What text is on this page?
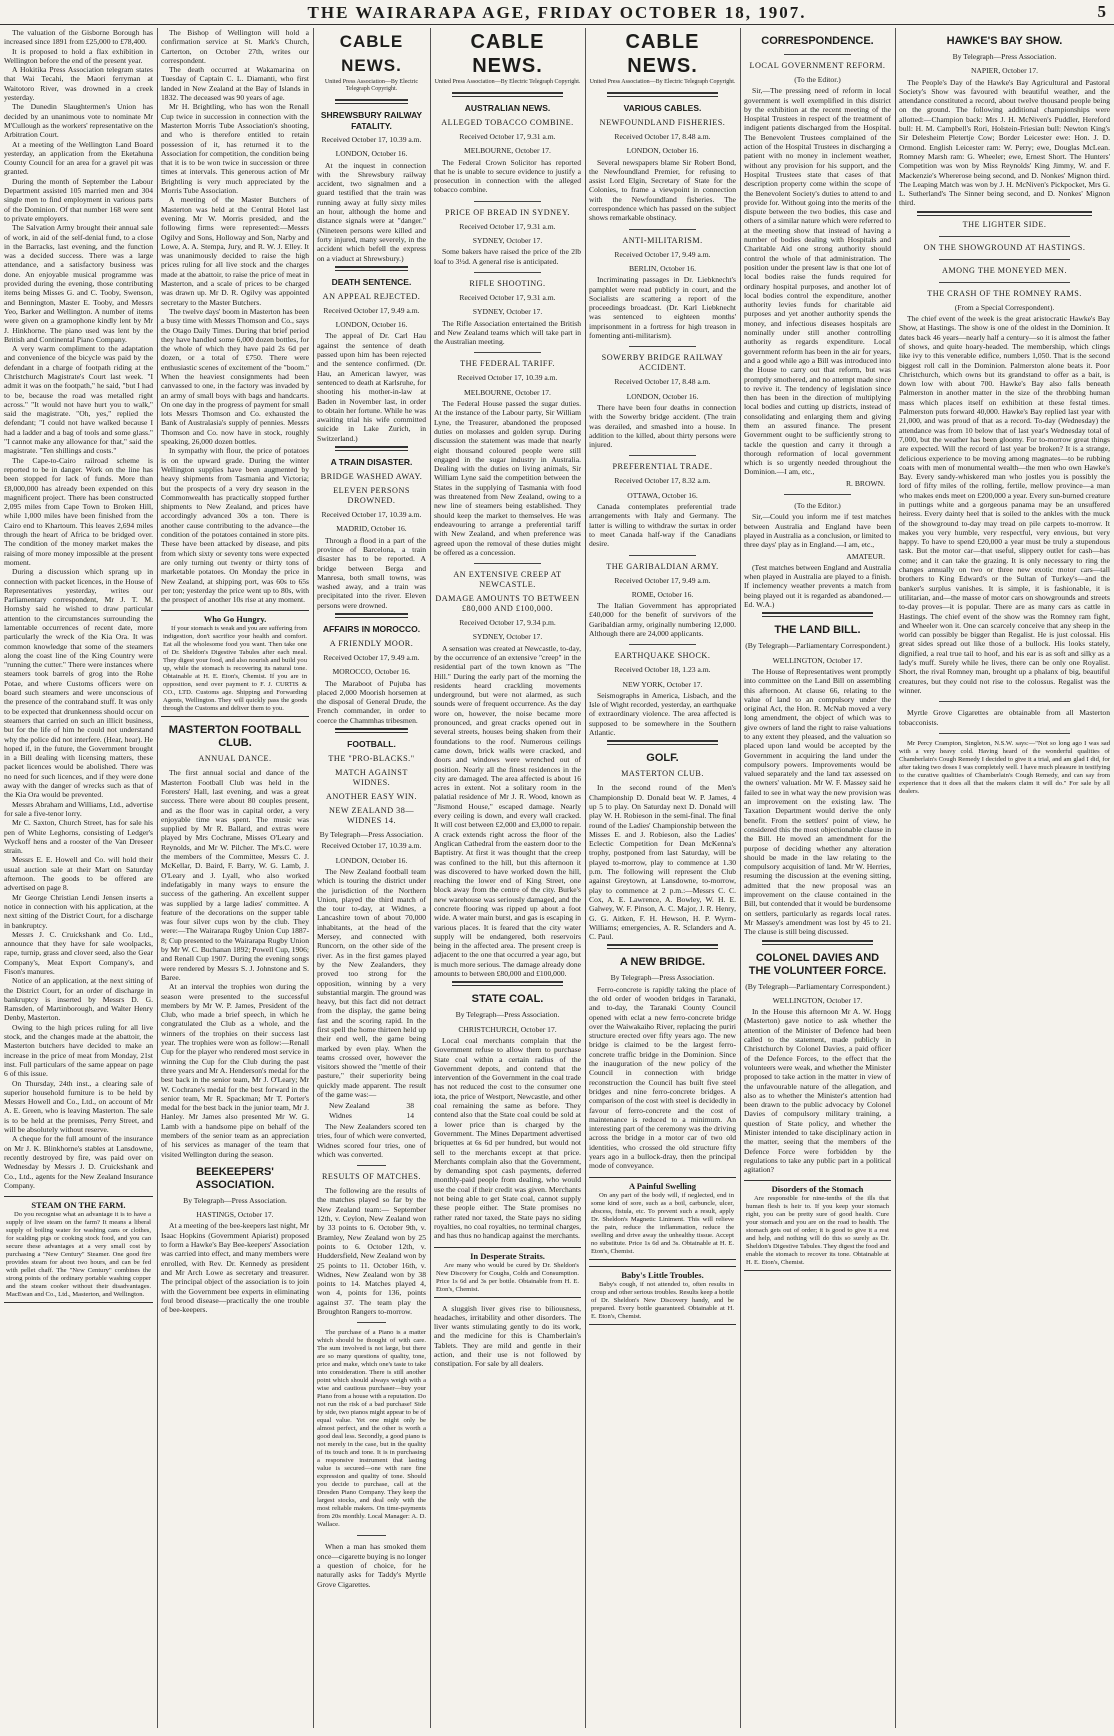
THE WAIRARAPA AGE, FRIDAY OCTOBER 18, 1907.	5

The valuation of the Gisborne Borough has increased since 1891 from £25,000 to £78,400.

It is proposed to hold a flax exhibition in Wellington before the end of the present year.

A Hokitika Press Association telegram states that Wai Tecahi, the Maori ferryman at Waitotoro River, was drowned in a creek yesterday.

The Dunedin Slaughtermen's Union has decided by an unanimous vote to nominate Mr M'Cullough as the workers' representative on the Arbitration Court.

At a meeting of the Wellington Land Board yesterday, an application from the Eketahuna County Council for an area for a gravel pit was granted.

During the month of September the Labour Department assisted 105 married men and 304 single men to find employment in various parts of the Dominion. Of that number 168 were sent to private employers.

The Salvation Army brought their annual sale of work, in aid of the self-denial fund, to a close in the Barracks, last evening, and the function was a decided success. There was a large attendance, and a satisfactory business was done. An enjoyable musical programme was provided during the evening, those contributing items being Misses G. and C. Tooby, Swenson, and Bennington, Master E. Tooby, and Messrs Yeo, Barker and Wellington. A number of items were given on a gramophone kindly lent by Mr J. Hinkhorne. The piano used was lent by the British and Continental Piano Company.

A very warm compliment to the adaptation and convenience of the bicycle was paid by the defendant in a charge of footpath riding at the Christchurch Magistrate's Court last week. "I admit it was on the footpath," he said, "but I had to be, because the road was metalled right across." "It would not have hurt you to walk," said the magistrate. "Oh, yes," replied the defendant; "I could not have walked because I had a ladder and a bag of tools and some glass." "I cannot make any allowance for that," said the magistrate. "Ten shillings and costs."

The Cape-to-Cairo railroad scheme is reported to be in danger. Work on the line has been stopped for lack of funds. More than £8,000,000 has already been expended on this magnificent project. There has been constructed 2,095 miles from Cape Town to Broken Hill, while 1,000 miles have been finished from the Cairo end to Khartoum. This leaves 2,694 miles through the heart of Africa to be bridged over. The condition of the money market makes the raising of more money impossible at the present moment.

During a discussion which sprang up in connection with packet licences, in the House of Representatives yesterday, writes our Parliamentary correspondent, Mr J. T. M. Hornsby said he wished to draw particular attention to the circumstances surrounding the lamentable occurrences of recent date, more particularly the wreck of the Kia Ora. It was common knowledge that some of the steamers along the coast line of the King Country were "running the cutter." There were instances where steamers took barrels of grog into the Rohe Potae, and where Customs officers were on board such steamers and were unconscious of the presence of the contraband stuff. It was only to be expected that drunkenness should occur on steamers that carried on such an illicit business, but for the life of him he could not understand why the police did not interfere. (Hear, hear). He hoped if, in the future, the Government brought in a Bill dealing with licensing matters, these packet licences would be abolished. There was no need for such licences, and if they were done away with the danger of wrecks such as that of the Kia Ora would be prevented.

Messrs Abraham and Williams, Ltd., advertise for sale a five-tenor lorry.

Mr C. Saxton, Church Street, has for sale his pen of White Leghorns, consisting of Ledger's Wyckoff hens and a rooster of the Van Dreseer strain.

Messrs E. E. Howell and Co. will hold their usual auction sale at their Mart on Saturday afternoon. The goods to be offered are advertised on page 8.

Mr George Christian Lendi Jensen inserts a notice in connection with his application, at the next sitting of the District Court, for a discharge in bankruptcy.

Messrs J. C. Cruickshank and Co. Ltd., announce that they have for sale woolpacks, rape, turnip, grass and clover seed, also the Gear Company's, Meat Export Company's, and Fison's manures.

Notice of an application, at the next sitting of the District Court, for an order of discharge in bankruptcy is inserted by Messrs D. G. Ramsden, of Martinborough, and Walter Henry Denby, Masterton.

Owing to the high prices ruling for all live stock, and the changes made at the abattoir, the Masterton butchers have decided to make an increase in the price of meat from Monday, 21st inst. Full particulars of the same appear on page 6 of this issue.

On Thursday, 24th inst., a clearing sale of superior household furniture is to be held by Messrs Howell and Co., Ltd., on account of Mr A. E. Green, who is leaving Masterton. The sale is to be held at the premises, Perry Street, and will be absolutely without reserve.

A cheque for the full amount of the insurance on Mr J. K. Blinkhorne's stables at Lansdowne, recently destroyed by fire, was paid over on Wednesday by Messrs J. D. Cruickshank and Co., Ltd., agents for the New Zealand Insurance Company.

STEAM ON THE FARM.
Do you recognise what an advantage it is to have a supply of live steam on the farm? It means a liberal supply of boiling water for washing cans or clothes, for scalding pigs or cooking stock food, and you can secure these advantages at a very small cost by purchasing a "New Century" Steamer. One good fire provides steam for about two hours, and can be fed with pellet chaff. The "New Century" combines the strong points of the ordinary portable washing copper and the steam cooker without their disadvantages. MacEwan and Co., Ltd., Masterton, and Wellington.

The Bishop of Wellington will hold a confirmation service at St. Mark's Church, Carterton, on October 27th, writes our correspondent.

The death occurred at Wakamarina on Tuesday of Captain C. L. Diamanti, who first landed in New Zealand at the Bay of Islands in 1832. The deceased was 90 years of age.

Mr H. Brightling, who has won the Renall Cup twice in succession in connection with the Masterton Morris Tube Association's shooting, and who is therefore entitled to retain possession of it, has returned it to the Association for competition, the condition being that it is to be won twice in succession or three times at intervals. This generous action of Mr Brightling is very much appreciated by the Morris Tube Association.

A meeting of the Master Butchers of Masterton was held at the Central Hotel last evening. Mr W. Morris presided, and the following firms were represented:—Messrs Ogilvy and Sons, Holloway and Son, Narby and Lowe, A. A. Stempa, Jury, and R. W. J. Elley. It was unanimously decided to raise the high prices ruling for all live stock and the charges made at the abattoir, to raise the price of meat in Masterton, and a scale of prices to be charged was drawn up. Mr D. R. Ogilvy was appointed secretary to the Master Butchers.

The twelve days' boom in Masterton has been a busy time with Messrs Thomson and Co., says the Otago Daily Times. During that brief period they have handled some 6,000 dozen bottles, for the whole of which they have paid 2s 6d per dozen, or a total of £750. There were enthusiastic scenes of excitement of the "boom." When the heaviest consignments had been canvassed to one, in the factory was invaded by an army of small boys with bags and handcarts. On one day in the progress of payment for small lots Messrs Thomson and Co. exhausted the Bank of Australasia's supply of pennies. Messrs Thomson and Co. now have in stock, roughly speaking, 26,000 dozen bottles.

In sympathy with flour, the price of potatoes is on the upward grade. During the winter Wellington supplies have been augmented by heavy shipments from Tasmania and Victoria; but the prospects of a very dry season in the Commonwealth has practically stopped further shipments to New Zealand, and prices have accordingly advanced 30s a ton. There is another cause contributing to the advance—the condition of the potatoes contained in store pits. These have been attacked by disease, and pits from which sixty or seventy tons were expected are only turning out twenty or thirty tons of marketable potatoes. On Monday the price in New Zealand, at shipping port, was 60s to 65s per ton; yesterday the price went up to 80s, with the prospect of another 10s rise at any moment.

Who Go Hungry.
If your stomach is weak and you are suffering from indigestion, don't sacrifice your health and comfort. Eat all the wholesome food you want. Then take one of Dr. Sheldon's Digestive Tabules after each meal. They digest your food, and also nourish and build you up, while the stomach is recovering its natural tone. Obtainable at H. E. Eton's, Chemist. If you are in opposition, send over payment to F. J. CURTIS & CO., LTD. Customs age. Shipping and Forwarding Agents, Wellington. They will quickly pass the goods through the Customs and deliver them to you.
MASTERTON FOOTBALL CLUB.
ANNUAL DANCE.

The first annual social and dance of the Masterton Football Club was held in the Foresters' Hall, last evening, and was a great success. There were about 80 couples present, and as the floor was in capital order, a very enjoyable time was spent. The music was supplied by Mr R. Ballard, and extras were played by Mrs Cochrane, Misses O'Leary and Reynolds, and Mr W. Pilcher. The M's.C. were the members of the Committee, Messrs C. J. McKellar, D. Baird, F. Barry, W. G. Lamb, J. O'Leary and J. Lyall, who also worked indefatigably in many ways to ensure the success of the gathering. An excellent supper was supplied by a large ladies' committee. A feature of the decorations on the supper table was four silver cups won by the club. They were:—The Wairarapa Rugby Union Cup 1887-8; Cup presented to the Wairarapa Rugby Union by Mr W. C. Buchanan 1892; Powell Cup, 1906; and Renall Cup 1907. During the evening songs were rendered by Messrs S. J. Johnstone and S. Baree.

At an interval the trophies won during the season were presented to the successful members by Mr W. P. James, President of the Club, who made a brief speech, in which he congratulated the Club as a whole, and the winners of the trophies on their success last year. The trophies were won as follow:—Renall Cup for the player who rendered most service in winning the Cup for the Club during the past three years and Mr A. Henderson's medal for the best back in the senior team, Mr J. O'Leary; Mr W. Cochrane's medal for the best forward in the senior team, Mr R. Spackman; Mr T. Porter's medal for the best back in the junior team, Mr J. Hanley. Mr James also presented Mr W. G. Lamb with a handsome pipe on behalf of the members of the senior team as an appreciation of his services as manager of the team that visited Wellington during the season.

BEEKEEPERS' ASSOCIATION.
By Telegraph—Press Association.
HASTINGS, October 17.

At a meeting of the bee-keepers last night, Mr Isaac Hopkins (Government Apiarist) proposed to form a Hawke's Bay Bee-keepers' Association was carried into effect, and many members were enrolled, with Rev. Dr. Kennedy as president and Mr Arch Lowe as secretary and treasurer. The principal object of the association is to join with the Government bee experts in eliminating foul brood disease—practically the one trouble of bee-keepers.

CABLE NEWS.
United Press Association—By Electric Telegraph Copyright.
SHREWSBURY RAILWAY FATALITY.
Received October 17, 10.39 a.m.
LONDON, October 16.

At the inquest in connection with the Shrewsbury railway accident, two signalmen and a guard testified that the train was running away at fully sixty miles an hour, although the home and distance signals were at "danger." (Nineteen persons were killed and forty injured, many severely, in the accident which befell the express on a viaduct at Shrewsbury.)

DEATH SENTENCE.
AN APPEAL REJECTED.
Received October 17, 9.49 a.m.
LONDON, October 16.

The appeal of Dr. Carl Hau against the sentence of death passed upon him has been rejected and the sentence confirmed. (Dr. Hau, an American lawyer, was sentenced to death at Karlsruhe, for shooting his mother-in-law at Baden in November last, in order to obtain her fortune. While he was awaiting trial his wife committed suicide in Lake Zurich, in Switzerland.)

A TRAIN DISASTER.
BRIDGE WASHED AWAY.
ELEVEN PERSONS DROWNED.
Received October 17, 10.39 a.m.
MADRID, October 16.

Through a flood in a part of the province of Barcelona, a train disaster has to be reported. A bridge between Berga and Manresa, both small towns, was washed away, and a train was precipitated into the river. Eleven persons were drowned.

AFFAIRS IN MOROCCO.
A FRIENDLY MOOR.
Received October 17, 9.49 a.m.
MOROCCO, October 16.

The Maraboot of Pujuba has placed 2,000 Moorish horsemen at the disposal of General Drude, the French commander, in order to coerce the Chammhas tribesmen.

FOOTBALL.
THE "PRO-BLACKS."
MATCH AGAINST WIDNES.
ANOTHER EASY WIN.
NEW ZEALAND 38—WIDNES 14.
By Telegraph—Press Association.
Received October 17, 10.39 a.m.
LONDON, October 16.

The New Zealand football team which is touring the district under the jurisdiction of the Northern Union, played the third match of the tour to-day, at Widnes, a Lancashire town of about 70,000 inhabitants, at the head of the Mersey, and connected with Runcorn, on the other side of the river. As in the first games played by the New Zealanders, they proved too strong for the opposition, winning by a very substantial margin. The ground was heavy, but this fact did not detract from the display, the game being fast and the scoring rapid. In the first spell the home thirteen held up their end well, the game being marked by even play. When the teams crossed over, however the visitors showed the "mettle of their pasture," their superiority being quickly made apparent. The result of the game was:—

New Zealand	38
Widnes	14

The New Zealanders scored ten tries, four of which were converted, Widnes scored four tries, one of which was converted.

RESULTS OF MATCHES.

The following are the results of the matches played so far by the New Zealand team:— September 12th, v. Ceylon, New Zealand won by 33 points to 6. October 9th, v. Bramley, New Zealand won by 25 points to 6. October 12th, v. Huddersfield, New Zealand won by 25 points to 11. October 16th, v. Widnes, New Zealand won by 38 points to 14. Matches played 4, won 4, points for 136, points against 37. The team play the Broughton Rangers to-morrow.

The purchase of a Piano is a matter which should be thought of with care. The sum involved is not large, but there are so many questions of quality, tone, price and make, which one's taste to take into consideration. There is still another point which should always weigh with a wise and cautious purchaser—buy your Piano from a house with a reputation. Do not run the risk of a bad purchase! Side by side, two pianos might appear to be of equal value. Yet one might only be almost perfect, and the other is worth a good deal less. Secondly, a good piano is not merely in the case, but in the quality of its touch and tone. It is in purchasing a responsive instrument that lasting value is secured—one with rare fine expression and quality of tone. Should you decide to purchase, call at the Dresden Piano Company. They keep the largest stocks, and deal only with the most reliable makers. On time-payments from 20s monthly. Local Manager: A. D. Wallace.

When a man has smoked them once—cigarette buying is no longer a question of choice, for he naturally asks for Taddy's Myrtle Grove Cigarettes.

CABLE NEWS.
United Press Association—By Electric Telegraph Copyright.
AUSTRALIAN NEWS.
ALLEGED TOBACCO COMBINE.
Received October 17, 9.31 a.m.
MELBOURNE, October 17.

The Federal Crown Solicitor has reported that he is unable to secure evidence to justify a prosecution in connection with the alleged tobacco combine.

PRICE OF BREAD IN SYDNEY.
Received October 17, 9.31 a.m.
SYDNEY, October 17.

Some bakers have raised the price of the 2lb loaf to 3½d. A general rise is anticipated.

RIFLE SHOOTING.
Received October 17, 9.31 a.m.
SYDNEY, October 17.

The Rifle Association entertained the British and New Zealand teams which will take part in the Australian meeting.

THE FEDERAL TARIFF.
Received October 17, 10.39 a.m.
MELBOURNE, October 17.

The Federal House passed the sugar duties. At the instance of the Labour party, Sir William Lyne, the Treasurer, abandoned the proposed duties on molasses and golden syrup. During discussion the statement was made that nearly eight thousand coloured people were still engaged in the sugar industry in Australia. Dealing with the duties on living animals, Sir William Lyne said the competition between the States in the supplying of Tasmania with food was threatened from New Zealand, owing to a new line of steamers being established. They should keep the market to themselves. He was endeavouring to arrange a preferential tariff with New Zealand, and when preference was agreed upon the removal of these duties might be offered as a concession.

AN EXTENSIVE CREEP AT NEWCASTLE.
DAMAGE AMOUNTS TO BETWEEN £80,000 AND £100,000.
Received October 17, 9.34 p.m.
SYDNEY, October 17.

A sensation was created at Newcastle, to-day, by the occurrence of an extensive "creep" in the residential part of the town known as "The Hill." During the early part of the morning the residents heard crackling movements underground, but were not alarmed, as such sounds were of frequent occurrence. As the day wore on, however, the noise became more pronounced, and great cracks opened out in several streets, houses being shaken from their foundations to the roof. Numerous ceilings came down, brick walls were cracked, and doors and windows were wrenched out of position. Nearly all the finest residences in the city are damaged. The area affected is about 16 acres in extent. Not a solitary room in the palatial residence of Mr J. R. Wood, known as "Jismond House," escaped damage. Nearly every ceiling is down, and every wall cracked. It will cost between £2,000 and £3,000 to repair. A crack extends right across the floor of the Anglican Cathedral from the eastern door to the Baptistry. At first it was thought that the creep was confined to the hill, but this afternoon it was discovered to have worked down the hill, reaching the lower end of King Street, one block away from the centre of the city. Burke's new warehouse was seriously damaged, and the concrete flooring was ripped up about a foot wide. A water main burst, and gas is escaping in various places. It is feared that the city water supply will be endangered, both reservoirs being in the affected area. The present creep is adjacent to the one that occurred a year ago, but is much more serious. The damage already done amounts to between £80,000 and £100,000.

STATE COAL.
By Telegraph—Press Association.
CHRISTCHURCH, October 17.

Local coal merchants complain that the Government refuse to allow them to purchase State coal within a certain radius of the Government depots, and contend that the intervention of the Government in the coal trade has not reduced the cost to the consumer one iota, the price of Westport, Newcastle, and other coal remaining the same as before. They contend also that the State coal could be sold at a lower price than is charged by the Government. The Mines Department advertised briquettes at 6s 6d per hundred, but would not sell to the merchants except at that price. Merchants complain also that the Government, by demanding spot cash payments, deferred monthly-paid people from dealing, who would use the coal if their credit was given. Merchants not being able to get State coal, cannot supply these people either. The State promises no rather rated nor taxed, the State pays no siding royalties, no coal royalties, no terminal charges, and has thus no handicap against the merchants.

In Desperate Straits.
Are many who would be cured by Dr. Sheldon's New Discovery for Coughs, Colds and Consumption. Price 1s 6d and 3s per bottle. Obtainable from H. E. Eton's, Chemist.

A sluggish liver gives rise to biliousness, headaches, irritability and other disorders. The liver wants stimulating gently to do its work, and the medicine for this is Chamberlain's Tablets. They are mild and gentle in their action, and their use is not followed by constipation. For sale by all dealers.

CABLE NEWS.
United Press Association—By Electric Telegraph Copyright.
VARIOUS CABLES.
NEWFOUNDLAND FISHERIES.
Received October 17, 8.48 a.m.
LONDON, October 16.

Several newspapers blame Sir Robert Bond, the Newfoundland Premier, for refusing to assist Lord Elgin, Secretary of State for the Colonies, to frame a viewpoint in connection with the Newfoundland fisheries. The correspondence which has passed on the subject shows remarkable obstinacy.

ANTI-MILITARISM.
Received October 17, 9.49 a.m.
BERLIN, October 16.

Incriminating passages in Dr. Liebknecht's pamphlet were read publicly in court, and the Socialists are scattering a report of the proceedings broadcast. (Dr. Karl Liebknecht was sentenced to eighteen months' imprisonment in a fortress for high treason in fomenting anti-militarism).

SOWERBY BRIDGE RAILWAY ACCIDENT.
Received October 17, 8.48 a.m.
LONDON, October 16.

There have been four deaths in connection with the Sowerby bridge accident. (The train was derailed, and smashed into a house. In addition to the killed, about thirty persons were injured.

PREFERENTIAL TRADE.
Received October 17, 8.32 a.m.
OTTAWA, October 16.

Canada contemplates preferential trade arrangements with Italy and Germany. The latter is willing to withdraw the surtax in order to meet Canada half-way if the Canadians desire.

THE GARIBALDIAN ARMY.
Received October 17, 9.49 a.m.
ROME, October 16.

The Italian Government has appropriated £40,000 for the benefit of survivors of the Garibaldian army, originally numbering 12,000. Although there are 24,000 applicants.

EARTHQUAKE SHOCK.
Received October 18, 1.23 a.m.
NEW YORK, October 17.

Seismographs in America, Lisbach, and the Isle of Wight recorded, yesterday, an earthquake of extraordinary violence. The area affected is supposed to be somewhere in the Southern Atlantic.

GOLF.
MASTERTON CLUB.

In the second round of the Men's Championship D. Donald beat W. P. James, 4 up 5 to play. On Saturday next D. Donald will play W. H. Robieson in the semi-final. The final round of the Ladies' Championship between the Misses E. and J. Robieson, also the Ladies' Eclectic Competition for Dean McKenna's trophy, postponed from last Saturday, will be played to-morrow, play to commence at 1.30 p.m. The following will represent the Club against Greytown, at Lansdowne, to-morrow, play to commence at 2 p.m.:—Messrs C. C. Cox, A. E. Lawrence, A. Bowley, W. H. E. Galwey, W. F. Pinson, A. C. Major, J. R. Henry, G. G. Aitken, F. H. Hewson, H. P. Wyrm-Williams; emergencies, A. R. Sclanders and A. C. Paul.

A NEW BRIDGE.
By Telegraph—Press Association.

Ferro-concrete is rapidly taking the place of the old order of wooden bridges in Taranaki, and to-day, the Taranaki County Council opened with eclat a new ferro-concrete bridge over the Waiwakaiho River, replacing the puriri structure erected over fifty years ago. The new bridge is claimed to be the largest ferro-concrete traffic bridge in the Dominion. Since the inauguration of the new policy of the Council in connection with bridge reconstruction the Council has built five steel bridges and nine ferro-concrete bridges. A comparison of the cost with steel is decidedly in favour of ferro-concrete and the cost of maintenance is reduced to a minimum. An interesting part of the ceremony was the driving across the bridge in a motor car of two old identities, who crossed the old structure fifty years ago in a bullock-dray, then the principal mode of conveyance.

A Painful Swelling
On any part of the body will, if neglected, end in some kind of sore, such as a boil, carbuncle, ulcer, abscess, fistula, etc. To prevent such a result, apply Dr. Sheldon's Magnetic Liniment. This will relieve the pain, reduce the inflammation, reduce the swelling and drive away the unhealthy tissue. Accept no substitute. Price 1s 6d and 3s. Obtainable at H. E. Eton's, Chemist.
Baby's Little Troubles.
Baby's cough, if not attended to, often results in croup and other serious troubles. Results keep a bottle of Dr. Sheldon's New Discovery handy, and be prepared. Every bottle guaranteed. Obtainable at H. E. Eton's, Chemist.
CORRESPONDENCE.
LOCAL GOVERNMENT REFORM.
(To the Editor.)

Sir,—The pressing need of reform in local government is well exemplified in this district by the exhibition at the recent meeting of the Hospital Trustees in respect of the treatment of indigent patients discharged from the Hospital. The Benevolent Trustees complained of the action of the Hospital Trustees in discharging a patient with no money in inclement weather, without any provision for his support, and the Hospital Trustees state that cases of that description property come within the scope of the Benevolent Society's duties to attend to and provide for. Without going into the merits of the dispute between the two bodies, this case and others of a similar nature which were referred to at the meeting show that instead of having a number of bodies dealing with Hospitals and Charitable Aid one strong authority should control the whole of that administration. The position under the present law is that one lot of local bodies raise the funds required for ordinary hospital purposes, and another lot of local bodies control the expenditure, another authority levies funds for charitable aid purposes and yet another authority spends the money, and infectious diseases hospitals are nominally under still another controlling authority as regards expenditure. Local government reform has been in the air for years, and a good while ago a Bill was introduced into the House to carry out that reform, but was promptly smothered, and no attempt made since to revive it. The tendency of legislation since then has been in the direction of multiplying local bodies and cutting up districts, instead of consolidating and enlarging them and giving them an assured finance. The present Government ought to be sufficiently strong to tackle the question and carry it through a thorough reformation of local government which is so urgently needed throughout the Dominion.—I am, etc.,

R. BROWN.
(To the Editor.)

Sir,—Could you inform me if test matches between Australia and England have been played in Australia as a conclusion, or limited to three days' play as in England.—I am, etc.,

AMATEUR.

(Test matches between England and Australia when played in Australia are played to a finish. If inclemency weather prevents a match from being played out it is regarded as abandoned.—Ed. W.A.)

THE LAND BILL.
(By Telegraph—Parliamentary Correspondent.)
WELLINGTON, October 17.

The House of Representatives went promptly into committee on the Land Bill on assembling this afternoon. At clause 66, relating to the value of land to an compulsory under the original Act, the Hon. R. McNab moved a very long amendment, the object of which was to give owners of land the right to raise valuations to any extent they pleased, and the valuation so placed upon land would be accepted by the Government in acquiring the land under the compulsory powers. Improvements would be valued separately and the land tax assessed on the owners' valuation. Mr W. F. Massey said he failed to see in what way the new provision was an improvement on the existing law. The Taxation Department would derive the only benefit. From the settlers' point of view, he considered this the most objectionable clause in the Bill. He moved an amendment for the purpose of deciding whether any alteration should be made in the law relating to the compulsory acquisition of land. Mr W. Herries, resuming the discussion at the evening sitting, admitted that the new proposal was an improvement on the clause contained in the Bill, but contended that it would be burdensome on settlers, particularly as regards local rates. Mr Massey's amendment was lost by 45 to 21. The clause is still being discussed.

COLONEL DAVIES AND THE VOLUNTEER FORCE.
(By Telegraph—Parliamentary Correspondent.)
WELLINGTON, October 17.

In the House this afternoon Mr A. W. Hogg (Masterton) gave notice to ask whether the attention of the Minister of Defence had been called to the statement, made publicly in Christchurch by Colonel Davies, a paid officer of the Defence Forces, to the effect that the volunteers were weak, and whether the Minister proposed to take action in the matter in view of the unfavourable nature of the allegation, and also as to whether the Minister's attention had been drawn to the public advocacy by Colonel Davies of compulsory military training, a question of State policy, and whether the Minister intended to take disciplinary action in the matter, seeing that the members of the Defence Force were forbidden by the regulations to take any public part in a political agitation?

Disorders of the Stomach
Are responsible for nine-tenths of the ills that human flesh is heir to. If you keep your stomach right, you can be pretty sure of good health. Cure your stomach and you are on the road to health. The stomach gets out of order; it is good to give it a rest and help, and nothing will do this so surely as Dr. Sheldon's Digestive Tabules. They digest the food and enable the stomach to recover its tone. Obtainable at H. E. Eton's, Chemist.
HAWKE'S BAY SHOW.
By Telegraph—Press Association.
NAPIER, October 17.

The People's Day of the Hawke's Bay Agricultural and Pastoral Society's Show was favoured with beautiful weather, and the attendance constituted a record, about twelve thousand people being on the ground. The following additional championships were allotted:—Champion back: Mrs J. H. McNiven's Puddler, Hereford bull: H. M. Campbell's Rori, Holstein-Friesian bull: Newton King's Sir Delesheim Pletertje Cow; Border Leicester ewe: Hon. J. D. Ormond. English Leicester ram: W. Perry; ewe, Douglas McLean. Romney Marsh ram: G. Wheeler; ewe, Ernest Short. The Hunters' Competition was won by Miss Reynolds' King Jimmy, W. and F. Mackenzie's Whererose being second, and D. Nonkes' Mignon third. The Leaping Match was won by J. H. McNiven's Pickpocket, Mrs G. L. Sutherland's The Sinner being second, and D. Nonkes' Mignon third.

THE LIGHTER SIDE.
ON THE SHOWGROUND AT HASTINGS.
AMONG THE MONEYED MEN.
THE CRASH OF THE ROMNEY RAMS.
(From a Special Correspondent).

The chief event of the week is the great aristocratic Hawke's Bay Show, at Hastings. The show is one of the oldest in the Dominion. It dates back 46 years—nearly half a century—so it is almost the father of shows, and quite hoary-headed. The membership, which clings like ivy to this venerable edifice, numbers 1,050. That is the second biggest roll call in the Dominion. Palmerston alone beats it. Poor Christchurch, which owns but its grandstand to offer as a bait, is down low with about 700. Hawke's Bay also falls beneath Palmerston in another matter in the size of the throbbing human mass which places itself on exhibition at these festal times. Palmerston puts forward 40,000. Hawke's Bay replied last year with 21,000, and was proud of that as a record. To-day (Wednesday) the attendance was from 10 below that of last year's Wednesday total of 7,000, but the weather has been gloomy. For to-morrow great things are expected. Will the record of last year be broken? It is a strange, delicious experience to be moving among magnates—to be rubbing coats with men of monumental wealth—the men who own Hawke's Bay. Every sandy-whiskered man who jostles you is possibly the lord of fifty miles of the rolling, fertile, mellow province—a man who makes ends meet on £200,000 a year. Every sun-burned creature in puttings white and a gorgeous panama may be an unsuffered heiress. Every dainty heel that is soiled to the ankles with the muck of the showground to-day may tread on pile carpets to-morrow. It makes you very humble, very respectful, very envious, but very happy. To have to spend £20,000 a year must be truly a stupendous task. But the motor car—that useful, slippery outlet for cash—has come; and it can take the grazing. It is only necessary to ring the changes annually on two or three new exotic motor cars—tall brothers to King Edward's or the Sultan of Turkey's—and the banker's surplus vanishes. It is simple, it is fashionable, it is utilitarian, and—the masse of motor cars on showgrounds and streets to-day proves—it is popular. There are as many cars as cattle in Hastings. The chief event of the show was the Romney ram fight, and Wheeler won it. One can scarcely conceive that any sheep in the world can possibly be bigger than Regalist. He is just colossal. His great sides spread out like those of a bullock. His looks stately, dignified, a real true tail to hoof, and his ear is as soft and silky as a lady's muff. Surely while he lives, there can be only one Royalist. Short, the rival Romney man, brought up a phalanx of big, beautiful creatures, but they could not rise to the colossus. Regalist was the winner.

Myrtle Grove Cigarettes are obtainable from all Masterton tobacconists.

Mr Percy Crampton, Singleton, N.S.W. says:—"Not so long ago I was sad with a very heavy cold. Having heard of the wonderful qualities of Chamberlain's Cough Remedy I decided to give it a trial, and am glad I did, for after taking two doses I was completely well. I have much pleasure in testifying to the curative qualities of Chamberlain's Cough Remedy, and can say from experience that it does all that the makers claim it will do." For sale by all dealers.
